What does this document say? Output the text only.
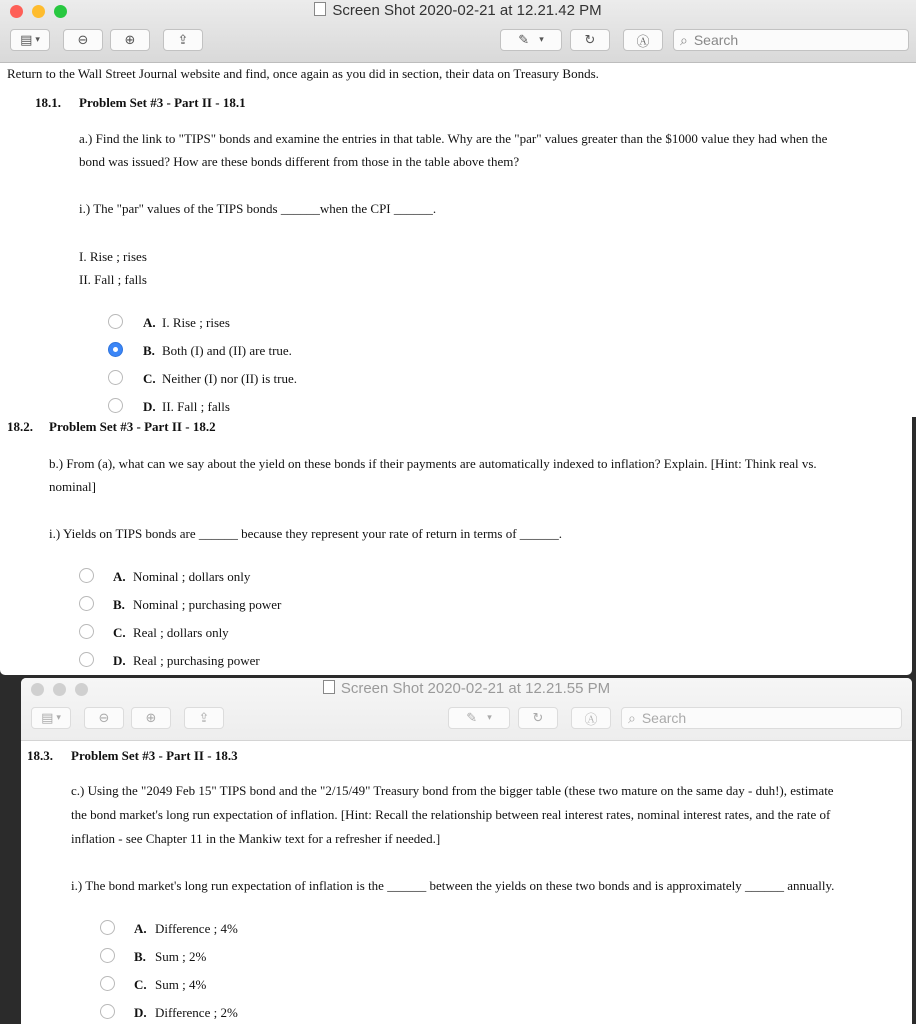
Screen Shot 2020-02-21 at 12.21.42 PM
▤ ▾	⊖	⊕	⇪	✎ ▾	↻	Ⓐ ⌕ Search
Return to the Wall Street Journal website and find, once again as you did in section, their data on Treasury Bonds.
18.1. Problem Set #3 - Part II - 18.1
a.) Find the link to "TIPS" bonds and examine the entries in that table. Why are the "par" values greater than the $1000 value they had when the
bond was issued? How are these bonds different from those in the table above them?
i.) The "par" values of the TIPS bonds ______when the CPI ______.
I. Rise ; rises
II. Fall ; falls
A. I. Rise ; rises
B. Both (I) and (II) are true.
C. Neither (I) nor (II) is true.
D. II. Fall ; falls
18.2. Problem Set #3 - Part II - 18.2
b.) From (a), what can we say about the yield on these bonds if their payments are automatically indexed to inflation? Explain. [Hint: Think real vs.
nominal]
i.) Yields on TIPS bonds are ______ because they represent your rate of return in terms of ______.
A. Nominal ; dollars only
B. Nominal ; purchasing power
C. Real ; dollars only
D. Real ; purchasing power
Screen Shot 2020-02-21 at 12.21.55 PM
▤ ▾	⊖	⊕	⇪	✎ ▾	↻	Ⓐ ⌕ Search
18.3. Problem Set #3 - Part II - 18.3
c.) Using the "2049 Feb 15" TIPS bond and the "2/15/49" Treasury bond from the bigger table (these two mature on the same day - duh!), estimate
the bond market's long run expectation of inflation. [Hint: Recall the relationship between real interest rates, nominal interest rates, and the rate of
inflation - see Chapter 11 in the Mankiw text for a refresher if needed.]
i.) The bond market's long run expectation of inflation is the ______ between the yields on these two bonds and is approximately ______ annually.
A. Difference ; 4%
B. Sum ; 2%
C. Sum ; 4%
D. Difference ; 2%
